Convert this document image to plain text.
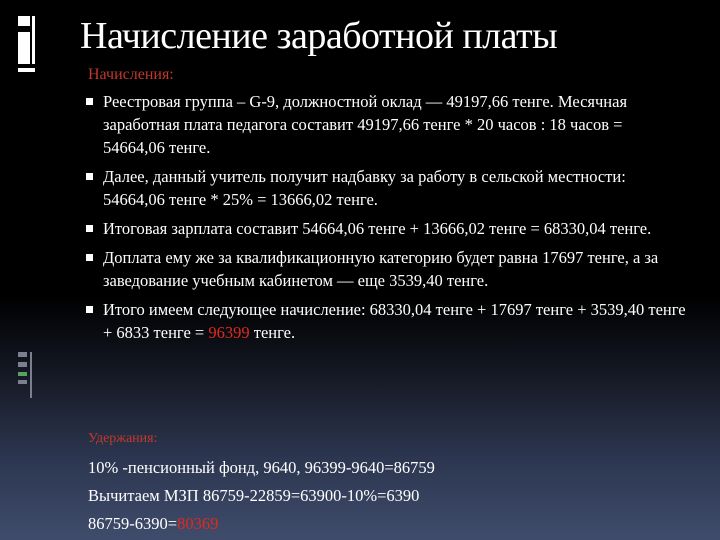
Начисление заработной платы
Начисления:
Реестровая группа – G-9, должностной оклад — 49197,66 тенге. Месячная заработная плата педагога составит 49197,66 тенге * 20 часов : 18 часов = 54664,06 тенге.
Далее, данный учитель получит надбавку за работу в сельской местности: 54664,06 тенге * 25% = 13666,02 тенге.
Итоговая зарплата составит 54664,06 тенге + 13666,02 тенге = 68330,04 тенге.
Доплата ему же за квалификационную категорию будет равна 17697 тенге, а за заведование учебным кабинетом — еще 3539,40 тенге.
Итого имеем следующее начисление: 68330,04 тенге + 17697 тенге + 3539,40 тенге + 6833 тенге = 96399 тенге.
Удержания:
10% -пенсионный фонд, 9640, 96399-9640=86759
Вычитаем МЗП 86759-22859=63900-10%=6390
86759-6390=80369
